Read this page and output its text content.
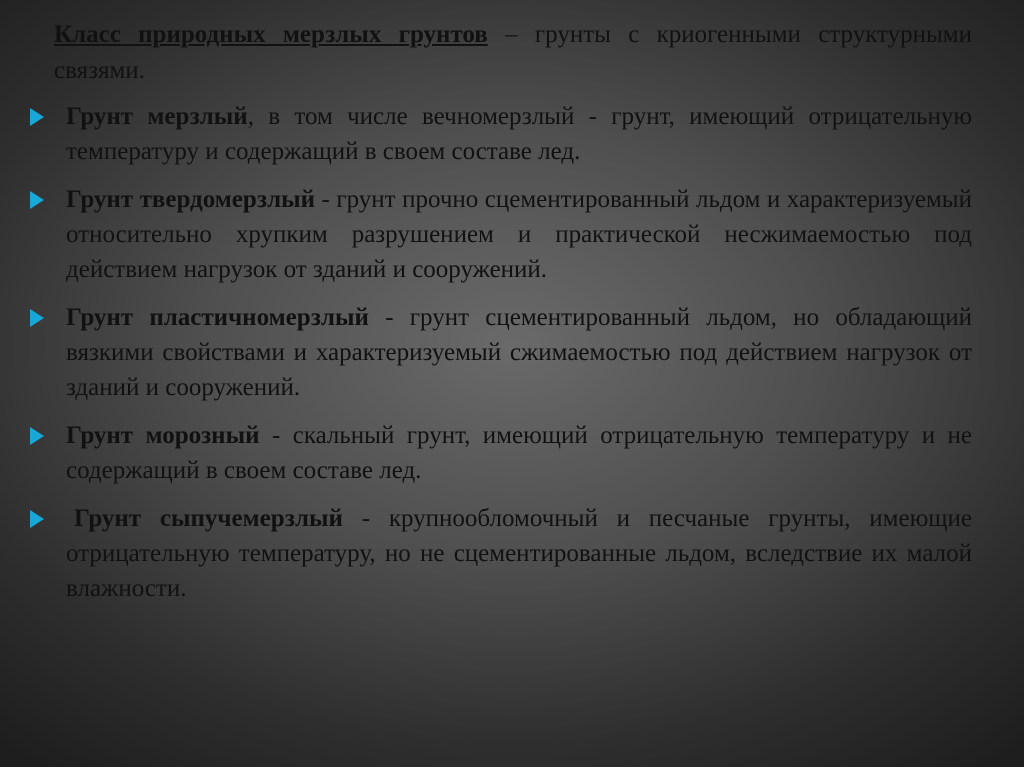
Класс природных мерзлых грунтов – грунты с криогенными структурными связями.

Грунт мерзлый, в том числе вечномерзлый - грунт, имеющий отрицательную температуру и содержащий в своем составе лед.

Грунт твердомерзлый - грунт прочно сцементированный льдом и характеризуемый относительно хрупким разрушением и практической несжимаемостью под действием нагрузок от зданий и сооружений.

Грунт пластичномерзлый - грунт сцементированный льдом, но обладающий вязкими свойствами и характеризуемый сжимаемостью под действием нагрузок от зданий и сооружений.

Грунт морозный - скальный грунт, имеющий отрицательную температуру и не содержащий в своем составе лед.

Грунт сыпучемерзлый - крупнообломочный и песчаные грунты, имеющие отрицательную температуру, но не сцементированные льдом, вследствие их малой влажности.
